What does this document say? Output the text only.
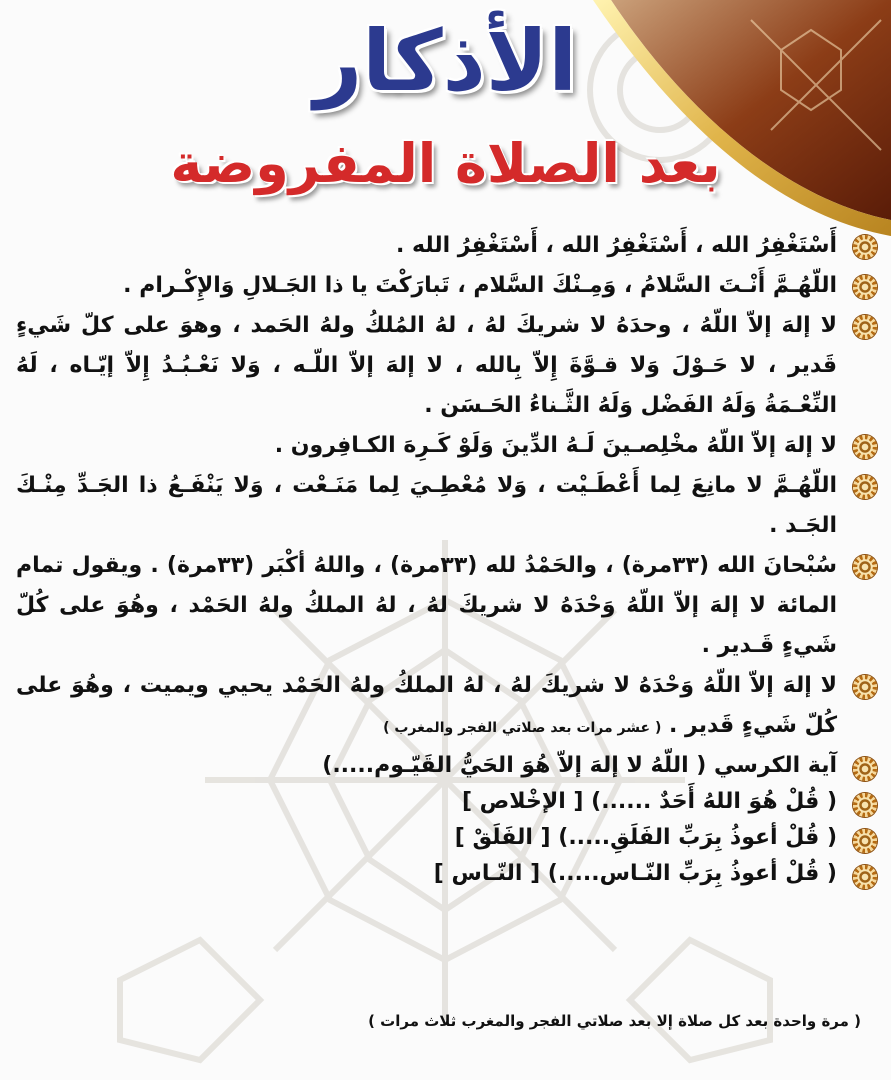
الأذكار
بعد الصلاة المفروضة
أَسْتَغْفِرُ الله ، أَسْتَغْفِرُ الله ، أَسْتَغْفِرُ الله .
اللّهُـمَّ أَنْـتَ السَّلامُ ، وَمِـنْكَ السَّلام ، تَبارَكْتَ يا ذا الجَـلالِ وَالإِكْـرام .
لا إلهَ إلاّ اللّهُ ، وحدَهُ لا شريكَ لهُ ، لهُ المُلكُ ولهُ الحَمد ، وهوَ على كلّ شَيءٍ قَدير ، لا حَـوْلَ وَلا قـوَّةَ إِلاّ بِالله ، لا إلهَ إلاّ اللّـه ، وَلا نَعْـبُـدُ إِلاّ إيّـاه ، لَهُ النِّعْـمَةُ وَلَهُ الفَضْل وَلَهُ الثَّـناءُ الحَـسَن .
لا إلهَ إلاّ اللّهُ مخْلِصـينَ لَـهُ الدِّينَ وَلَوْ كَـرِهَ الكـافِرون .
اللّهُـمَّ لا مانِعَ لِما أَعْطَـيْت ، وَلا مُعْطِـيَ لِما مَنَـعْت ، وَلا يَنْفَـعُ ذا الجَـدِّ مِنْـكَ الجَـد .
سُبْحانَ الله (٣٣مرة) ، والحَمْدُ لله (٣٣مرة) ، واللهُ أكْبَر (٣٣مرة) . ويقول تمام المائة لا إلهَ إلاّ اللّهُ وَحْدَهُ لا شريكَ لهُ ، لهُ الملكُ ولهُ الحَمْد ، وهُوَ على كُلّ شَيءٍ قَـدير .
لا إلهَ إلاّ اللّهُ وَحْدَهُ لا شريكَ لهُ ، لهُ الملكُ ولهُ الحَمْد يحيي ويميت ، وهُوَ على كُلّ شَيءٍ قَدير . ( عشر مرات بعد صلاتي الفجر والمغرب )
آية الكرسي ( اللّهُ لا إلهَ إلاّ هُوَ الحَيُّ القَيّـوم.....)
( قُلْ هُوَ اللهُ أَحَدٌ ......) [ الإخْلاص ]
( قُلْ أعوذُ بِرَبِّ الفَلَقِ.....) [ الفَلَقْ ]
( قُلْ أعوذُ بِرَبِّ النّـاس.....) [ النّـاس ]
( مرة واحدة بعد كل صلاة إلا بعد صلاتي الفجر والمغرب ثلاث مرات )
